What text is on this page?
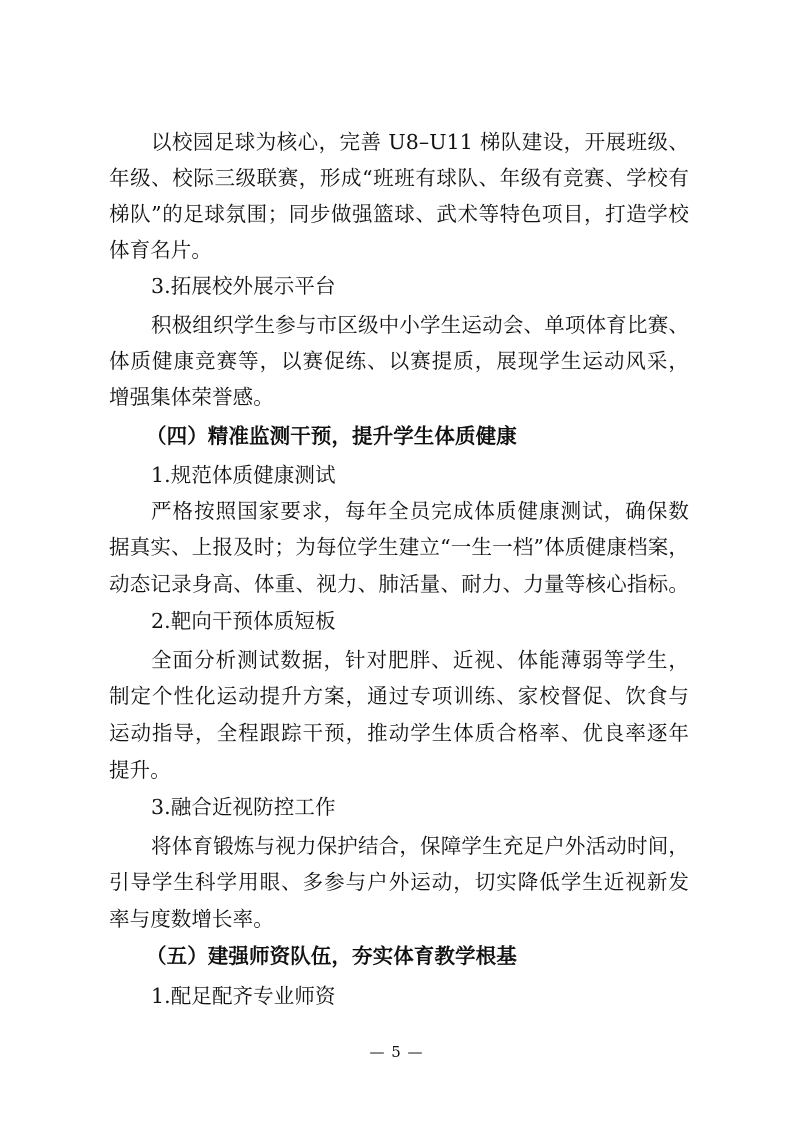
以校园足球为核心，完善 U8–U11 梯队建设，开展班级、
年级、校际三级联赛，形成“班班有球队、年级有竞赛、学校有
梯队”的足球氛围；同步做强篮球、武术等特色项目，打造学校
体育名片。
3.拓展校外展示平台
积极组织学生参与市区级中小学生运动会、单项体育比赛、
体质健康竞赛等，以赛促练、以赛提质，展现学生运动风采，
增强集体荣誉感。
（四）精准监测干预，提升学生体质健康
1.规范体质健康测试
严格按照国家要求，每年全员完成体质健康测试，确保数
据真实、上报及时；为每位学生建立“一生一档”体质健康档案，
动态记录身高、体重、视力、肺活量、耐力、力量等核心指标。
2.靶向干预体质短板
全面分析测试数据，针对肥胖、近视、体能薄弱等学生，
制定个性化运动提升方案，通过专项训练、家校督促、饮食与
运动指导，全程跟踪干预，推动学生体质合格率、优良率逐年
提升。
3.融合近视防控工作
将体育锻炼与视力保护结合，保障学生充足户外活动时间，
引导学生科学用眼、多参与户外运动，切实降低学生近视新发
率与度数增长率。
（五）建强师资队伍，夯实体育教学根基
1.配足配齐专业师资
— 5 —
